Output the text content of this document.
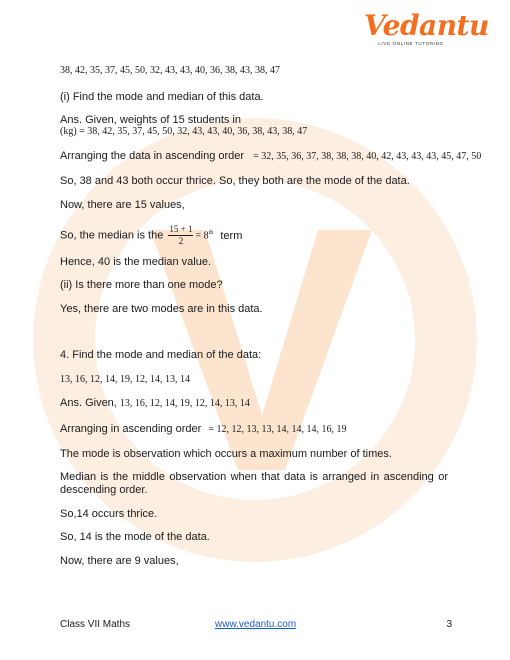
Vedantu
LIVE ONLINE TUTORING
38, 42, 35, 37, 45, 50, 32, 43, 43, 40, 36, 38, 43, 38, 47
(i) Find the mode and median of this data.
Ans. Given, weights of 15 students in
(kg) = 38, 42, 35, 37, 45, 50, 32, 43, 43, 40, 36, 38, 43, 38, 47
Arranging the data in ascending order = 32, 35, 36, 37, 38, 38, 38, 40, 42, 43, 43, 43, 45, 47, 50
So, 38 and 43 both occur thrice. So, they both are the mode of the data.
Now, there are 15 values,
So, the median is the $\frac{15 + 1}{2} = 8th$ term
Hence, 40 is the median value.
(ii) Is there more than one mode?
Yes, there are two modes are in this data.
4. Find the mode and median of the data:
13, 16, 12, 14, 19, 12, 14, 13, 14
Ans. Given, 13, 16, 12, 14, 19, 12, 14, 13, 14
Arranging in ascending order = 12, 12, 13, 13, 14, 14, 14, 16, 19
The mode is observation which occurs a maximum number of times.
Median is the middle observation when that data is arranged in ascending or descending order.
So,14 occurs thrice.
So, 14 is the mode of the data.
Now, there are 9 values,
Class VII Maths	www.vedantu.com	3
